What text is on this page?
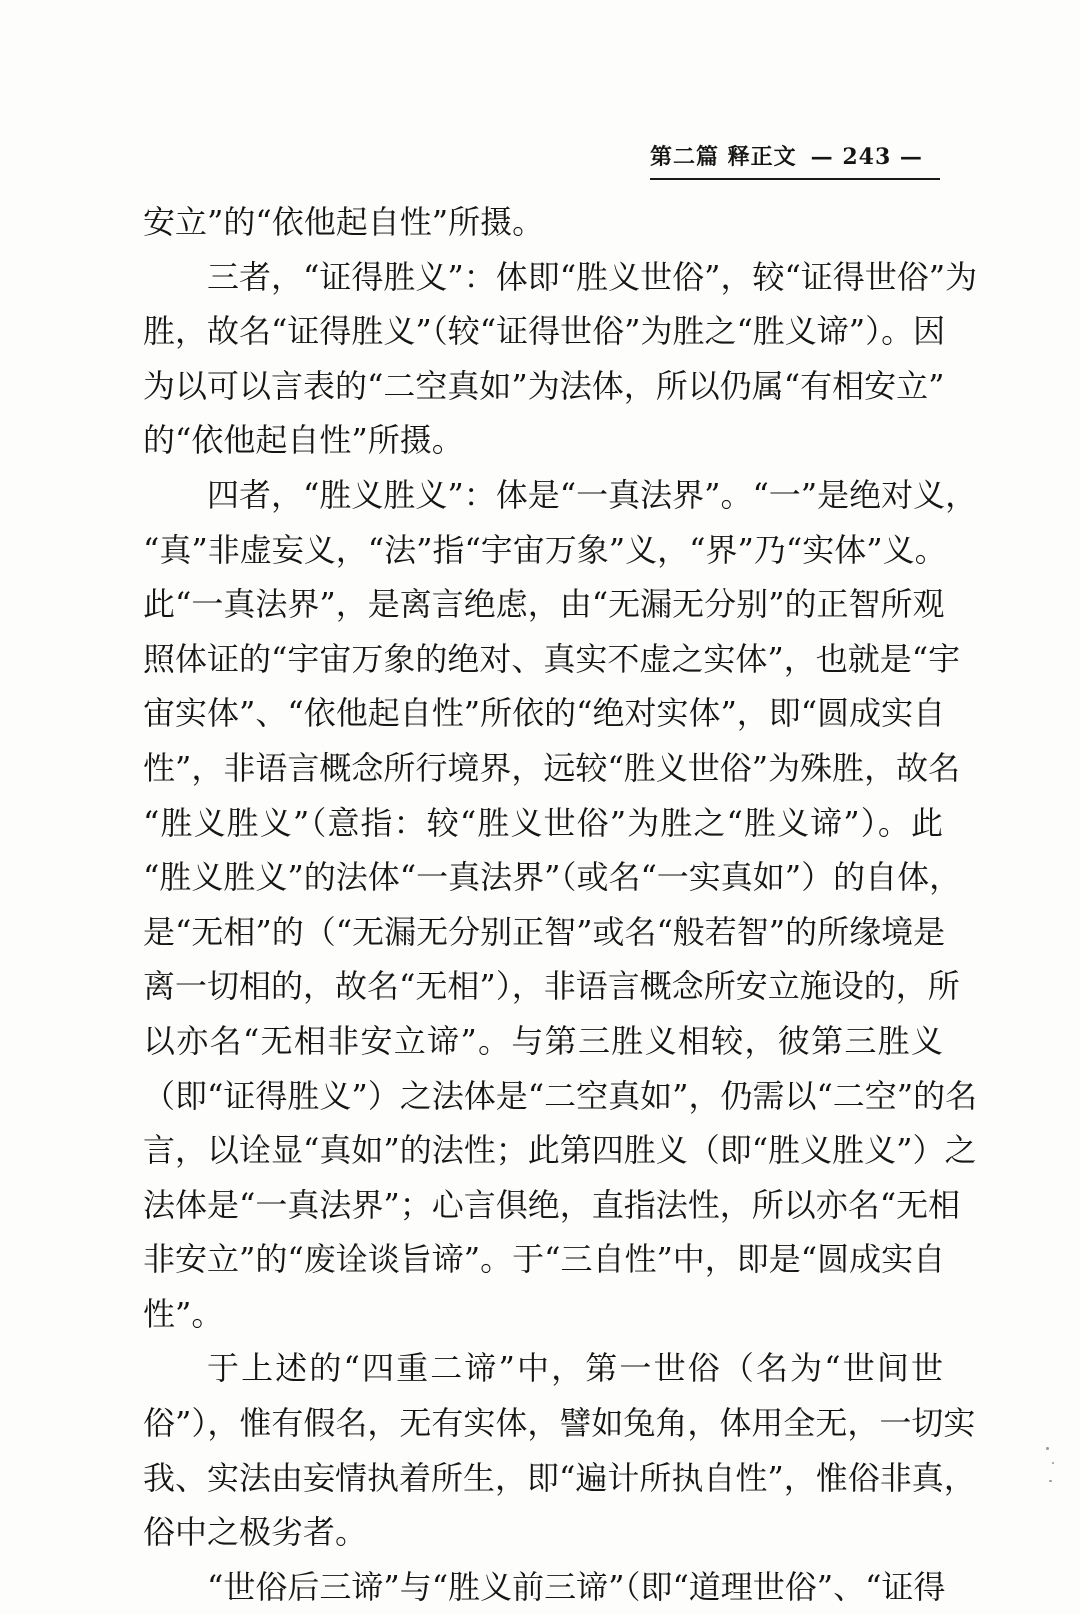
第二篇 释正文 — 243 —
安立”的“依他起自性”所摄。
三者，“证得胜义”：体即“胜义世俗”，较“证得世俗”为
胜，故名“证得胜义”（较“证得世俗”为胜之“胜义谛”）。因
为以可以言表的“二空真如”为法体，所以仍属“有相安立”
的“依他起自性”所摄。
四者，“胜义胜义”：体是“一真法界”。“一”是绝对义，
“真”非虚妄义，“法”指“宇宙万象”义，“界”乃“实体”义。
此“一真法界”，是离言绝虑，由“无漏无分别”的正智所观
照体证的“宇宙万象的绝对、真实不虚之实体”，也就是“宇
宙实体”、“依他起自性”所依的“绝对实体”，即“圆成实自
性”，非语言概念所行境界，远较“胜义世俗”为殊胜，故名
“胜义胜义”（意指：较“胜义世俗”为胜之“胜义谛”）。此
“胜义胜义”的法体“一真法界”（或名“一实真如”）的自体，
是“无相”的（“无漏无分别正智”或名“般若智”的所缘境是
离一切相的，故名“无相”），非语言概念所安立施设的，所
以亦名“无相非安立谛”。与第三胜义相较，彼第三胜义
（即“证得胜义”）之法体是“二空真如”，仍需以“二空”的名
言，以诠显“真如”的法性；此第四胜义（即“胜义胜义”）之
法体是“一真法界”；心言俱绝，直指法性，所以亦名“无相
非安立”的“废诠谈旨谛”。于“三自性”中，即是“圆成实自
性”。
于上述的“四重二谛”中，第一世俗（名为“世间世
俗”），惟有假名，无有实体，譬如兔角，体用全无，一切实
我、实法由妄情执着所生，即“遍计所执自性”，惟俗非真，
俗中之极劣者。
“世俗后三谛”与“胜义前三谛”（即“道理世俗”、“证得
